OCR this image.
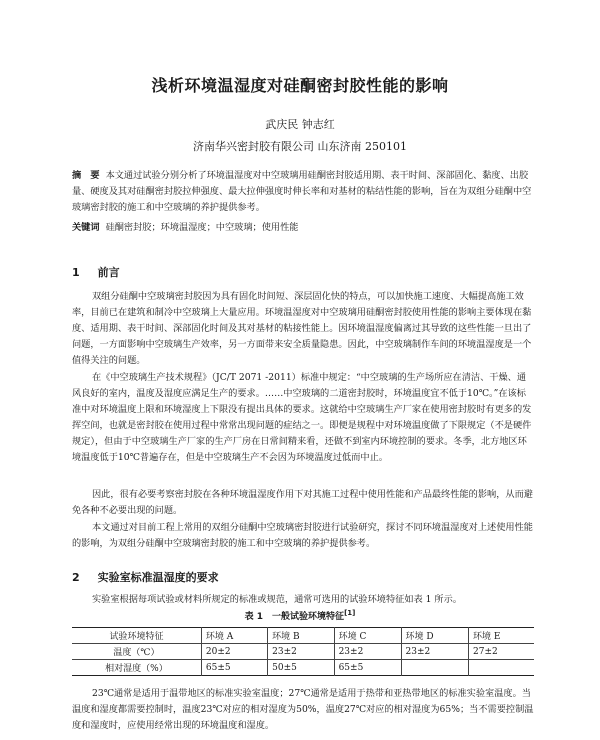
浅析环境温湿度对硅酮密封胶性能的影响
武庆民 钟志红
济南华兴密封胶有限公司 山东济南 250101

摘　要 本文通过试验分别分析了环境温湿度对中空玻璃用硅酮密封胶适用期、表干时间、深部固化、黏度、出胶量、硬度及其对硅酮密封胶拉伸强度、最大拉伸强度时伸长率和对基材的粘结性能的影响，旨在为双组分硅酮中空玻璃密封胶的施工和中空玻璃的养护提供参考。

关键词 硅酮密封胶；环境温湿度；中空玻璃；使用性能

1 前言

双组分硅酮中空玻璃密封胶因为具有固化时间短、深层固化快的特点，可以加快施工速度、大幅提高施工效率，目前已在建筑和制冷中空玻璃上大量应用。环境温湿度对中空玻璃用硅酮密封胶使用性能的影响主要体现在黏度、适用期、表干时间、深部固化时间及其对基材的粘接性能上。因环境温湿度偏离过其导致的这些性能一旦出了问题，一方面影响中空玻璃生产效率，另一方面带来安全质量隐患。因此，中空玻璃制作车间的环境温湿度是一个值得关注的问题。

在《中空玻璃生产技术规程》（JC/T 2071 -2011）标准中规定：“中空玻璃的生产场所应在清洁、干燥、通风良好的室内，温度及湿度应满足生产的要求。……中空玻璃的二道密封胶时，环境温度宜不低于10℃。”在该标准中对环境温度上限和环境湿度上下限没有提出具体的要求。这就给中空玻璃生产厂家在使用密封胶时有更多的发挥空间，也就是密封胶在使用过程中常常出现问题的症结之一。即便是规程中对环境温度做了下限规定（不是硬件规定），但由于中空玻璃生产厂家的生产厂房在日常间精来看，还做不到室内环境控制的要求。冬季，北方地区环境温度低于10℃普遍存在，但是中空玻璃生产不会因为环境温度过低而中止。

因此，很有必要考察密封胶在各种环境温湿度作用下对其施工过程中使用性能和产品最终性能的影响，从而避免各种不必要出现的问题。

本文通过对目前工程上常用的双组分硅酮中空玻璃密封胶进行试验研究，探讨不同环境温湿度对上述使用性能的影响，为双组分硅酮中空玻璃密封胶的施工和中空玻璃的养护提供参考。

2 实验室标准温湿度的要求

实验室根据每项试验或材料所规定的标准或规范，通常可选用的试验环境特征如表 1 所示。

表 1　一般试验环境特征[1]
试验环境特征	环境 A	环境 B	环境 C	环境 D	环境 E
温度（℃）	20±2	23±2	23±2	23±2	27±2
相对湿度（%）	65±5	50±5	65±5		

23℃通常是适用于温带地区的标准实验室温度；27℃通常是适用于热带和亚热带地区的标准实验室温度。当温度和湿度都需要控制时，温度23℃对应的相对湿度为50%，温度27℃对应的相对湿度为65%；当不需要控制温度和湿度时，应使用经常出现的环境温度和湿度。
